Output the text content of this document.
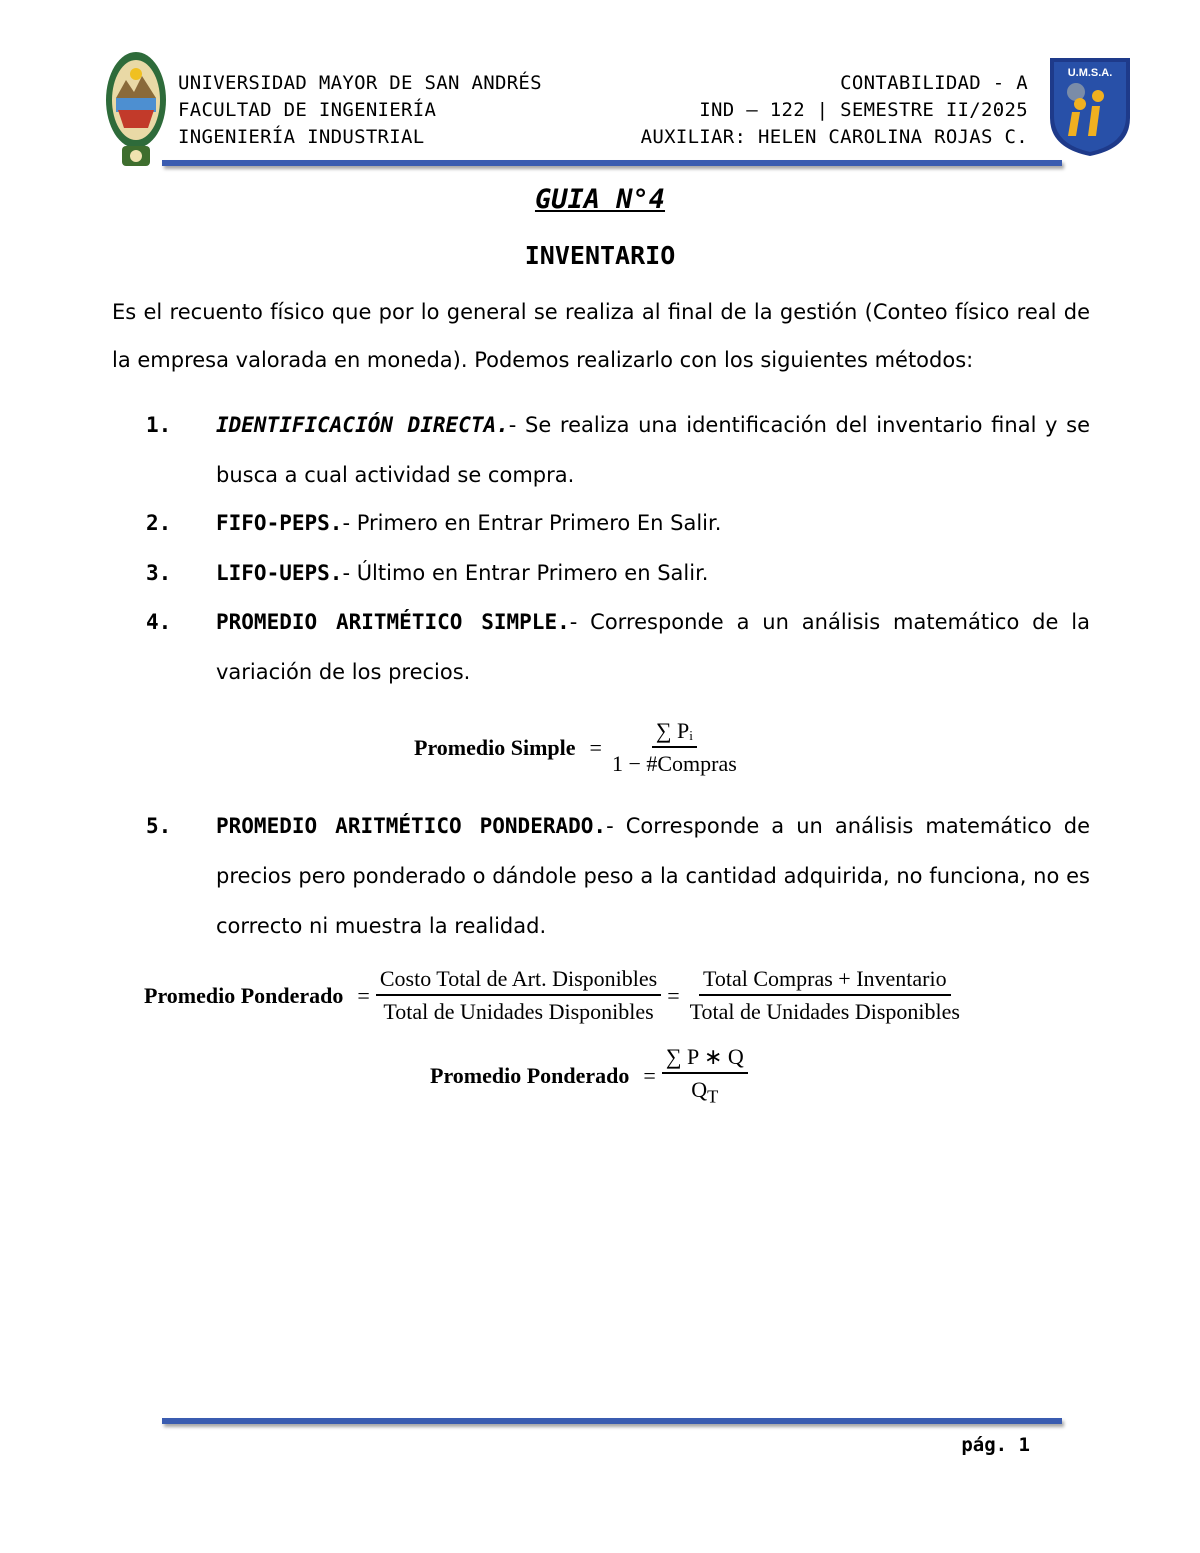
U.M.S.A.
UNIVERSIDAD MAYOR DE SAN ANDRÉS
FACULTAD DE INGENIERÍA
INGENIERÍA INDUSTRIAL
CONTABILIDAD - A
IND – 122 | SEMESTRE II/2025
AUXILIAR: HELEN CAROLINA ROJAS C.
GUIA N°4
INVENTARIO
Es el recuento físico que por lo general se realiza al final de la gestión (Conteo físico real de la empresa valorada en moneda). Podemos realizarlo con los siguientes métodos:
1. IDENTIFICACIÓN DIRECTA.- Se realiza una identificación del inventario final y se busca a cual actividad se compra.
2. FIFO-PEPS.- Primero en Entrar Primero En Salir.
3. LIFO-UEPS.- Último en Entrar Primero en Salir.
4. PROMEDIO ARITMÉTICO SIMPLE.- Corresponde a un análisis matemático de la variación de los precios.
Promedio Simple = $\frac{\text{∑ Pᵢ}}{\text{1 − \#Compras}}$
5. PROMEDIO ARITMÉTICO PONDERADO.- Corresponde a un análisis matemático de precios pero ponderado o dándole peso a la cantidad adquirida, no funciona, no es correcto ni muestra la realidad.
Promedio Ponderado = $\frac{\text{Costo Total de Art. Disponibles}}{\text{Total de Unidades Disponibles}} = \frac{\text{Total Compras + Inventario}}{\text{Total de Unidades Disponibles}}$
Promedio Ponderado = $\frac{\sum P ∗ Q}{Q_T}$
pág. 1
